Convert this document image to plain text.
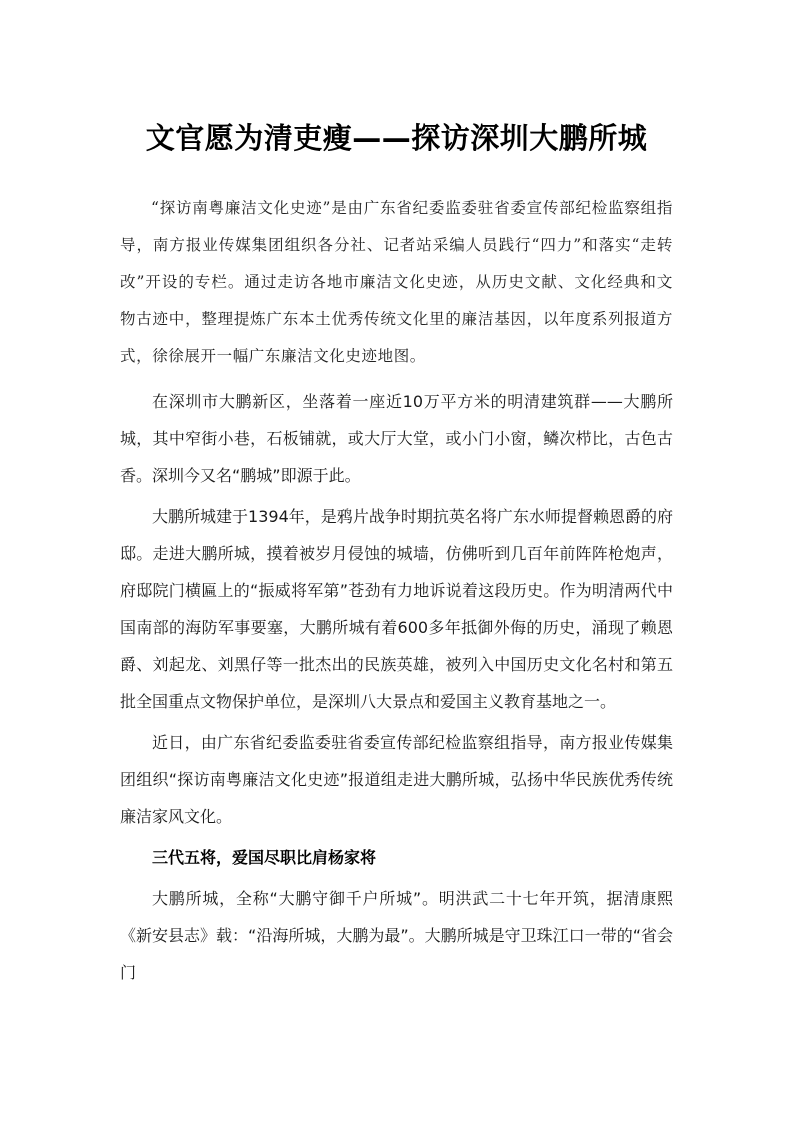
文官愿为清吏瘦——探访深圳大鹏所城

“探访南粤廉洁文化史迹”是由广东省纪委监委驻省委宣传部纪检监察组指导，南方报业传媒集团组织各分社、记者站采编人员践行“四力”和落实“走转改”开设的专栏。通过走访各地市廉洁文化史迹，从历史文献、文化经典和文物古迹中，整理提炼广东本土优秀传统文化里的廉洁基因，以年度系列报道方式，徐徐展开一幅广东廉洁文化史迹地图。

在深圳市大鹏新区，坐落着一座近10万平方米的明清建筑群——大鹏所城，其中窄街小巷，石板铺就，或大厅大堂，或小门小窗，鳞次栉比，古色古香。深圳今又名“鹏城”即源于此。

大鹏所城建于1394年，是鸦片战争时期抗英名将广东水师提督赖恩爵的府邸。走进大鹏所城，摸着被岁月侵蚀的城墙，仿佛听到几百年前阵阵枪炮声，府邸院门横匾上的“振威将军第”苍劲有力地诉说着这段历史。作为明清两代中国南部的海防军事要塞，大鹏所城有着600多年抵御外侮的历史，涌现了赖恩爵、刘起龙、刘黑仔等一批杰出的民族英雄，被列入中国历史文化名村和第五批全国重点文物保护单位，是深圳八大景点和爱国主义教育基地之一。

近日，由广东省纪委监委驻省委宣传部纪检监察组指导，南方报业传媒集团组织“探访南粤廉洁文化史迹”报道组走进大鹏所城，弘扬中华民族优秀传统廉洁家风文化。

三代五将，爱国尽职比肩杨家将

大鹏所城，全称“大鹏守御千户所城”。明洪武二十七年开筑，据清康熙《新安县志》载：“沿海所城，大鹏为最”。大鹏所城是守卫珠江口一带的“省会门
